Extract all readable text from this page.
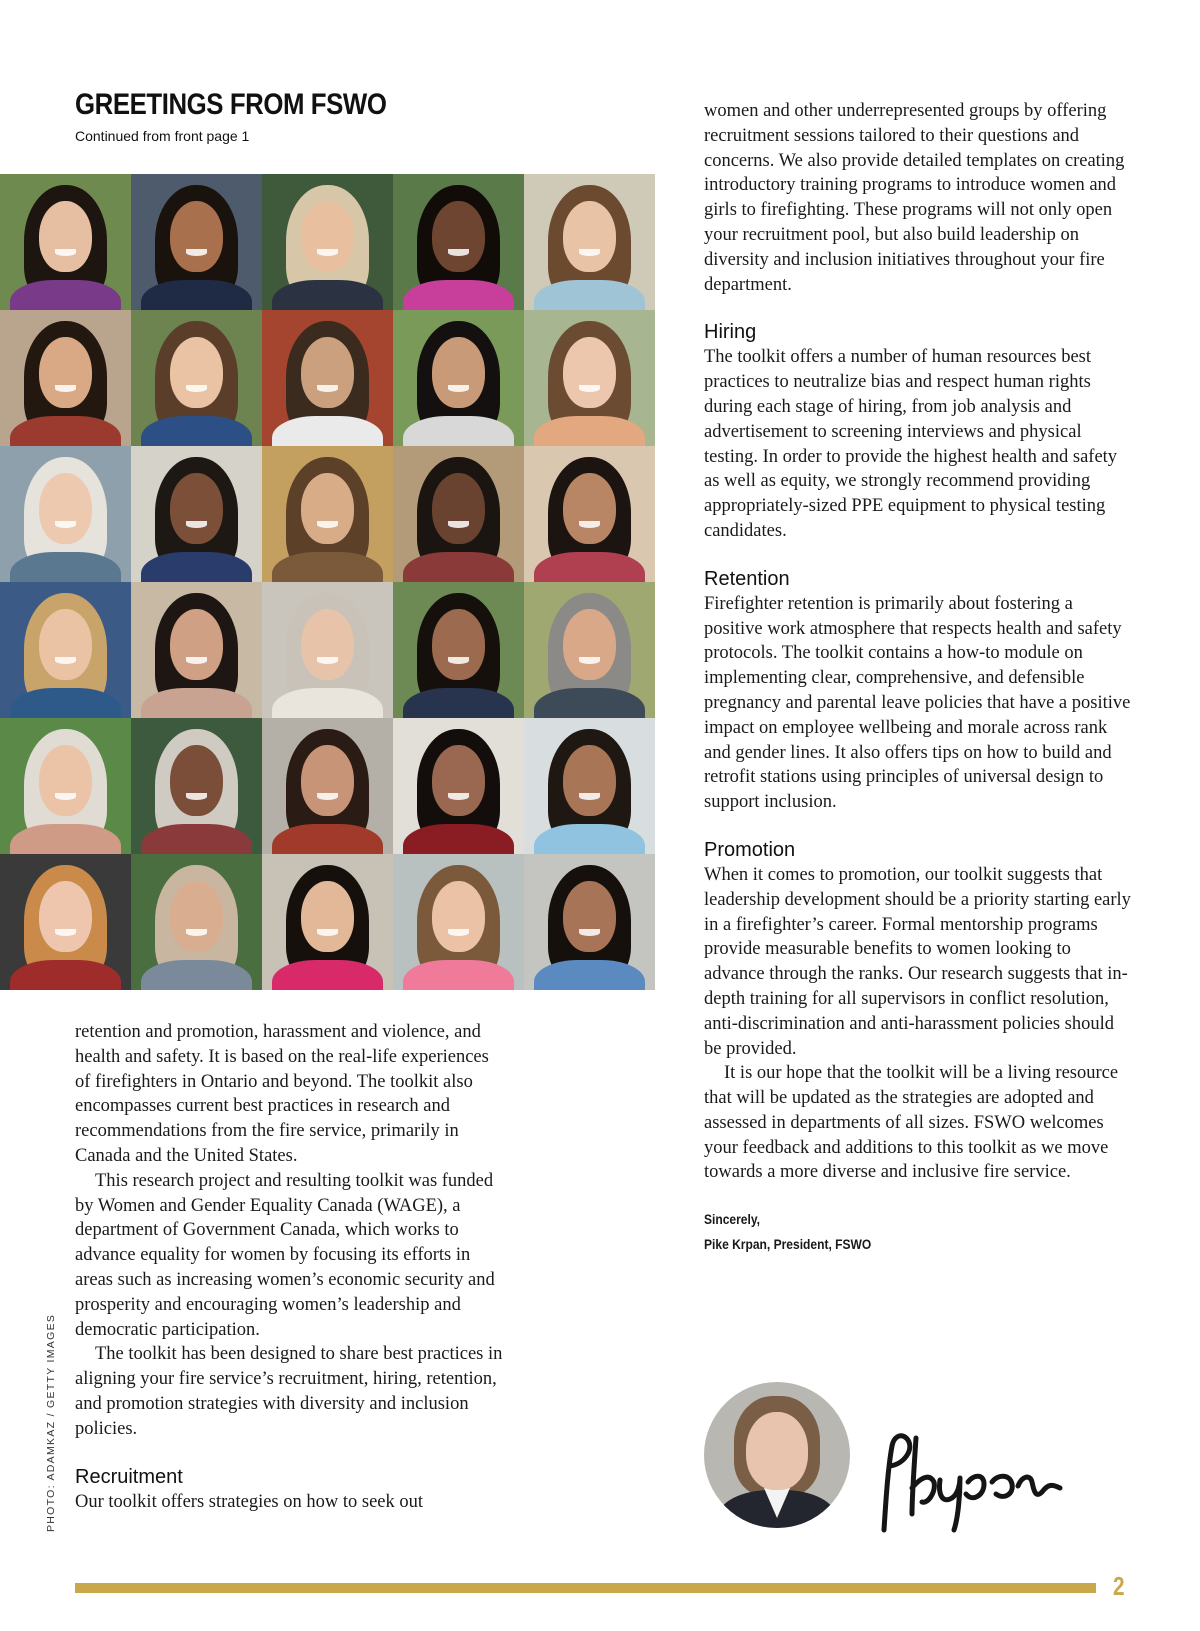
GREETINGS FROM FSWO

Continued from front page 1

retention and promotion, harassment and violence, and health and safety. It is based on the real-life experiences of firefighters in Ontario and beyond. The toolkit also encompasses current best practices in research and recommendations from the fire service, primarily in Canada and the United States.

This research project and resulting toolkit was funded by Women and Gender Equality Canada (WAGE), a department of Government Canada, which works to advance equality for women by focusing its efforts in areas such as increasing women’s economic security and prosperity and encouraging women’s leadership and democratic participation.

The toolkit has been designed to share best practices in aligning your fire service’s recruitment, hiring, retention, and promotion strategies with diversity and inclusion policies.

Recruitment

Our toolkit offers strategies on how to seek out

women and other underrepresented groups by offering recruitment sessions tailored to their questions and concerns. We also provide detailed templates on creating introductory training programs to introduce women and girls to firefighting. These programs will not only open your recruitment pool, but also build leadership on diversity and inclusion initiatives throughout your fire department.

Hiring

The toolkit offers a number of human resources best practices to neutralize bias and respect human rights during each stage of hiring, from job analysis and advertisement to screening interviews and physical testing. In order to provide the highest health and safety as well as equity, we strongly recommend providing appropriately-sized PPE equipment to physical testing candidates.

Retention

Firefighter retention is primarily about fostering a positive work atmosphere that respects health and safety protocols. The toolkit contains a how-to module on implementing clear, comprehensive, and defensible pregnancy and parental leave policies that have a positive impact on employee wellbeing and morale across rank and gender lines. It also offers tips on how to build and retrofit stations using principles of universal design to support inclusion.

Promotion

When it comes to promotion, our toolkit suggests that leadership development should be a priority starting early in a firefighter’s career. Formal mentorship programs provide measurable benefits to women looking to advance through the ranks. Our research suggests that in-depth training for all supervisors in conflict resolution, anti-discrimination and anti-harassment policies should be provided.

It is our hope that the toolkit will be a living resource that will be updated as the strategies are adopted and assessed in departments of all sizes. FSWO welcomes your feedback and additions to this toolkit as we move towards a more diverse and inclusive fire service.

Sincerely,
Pike Krpan, President, FSWO
PHOTO: ADAMKAZ / GETTY IMAGES
2
